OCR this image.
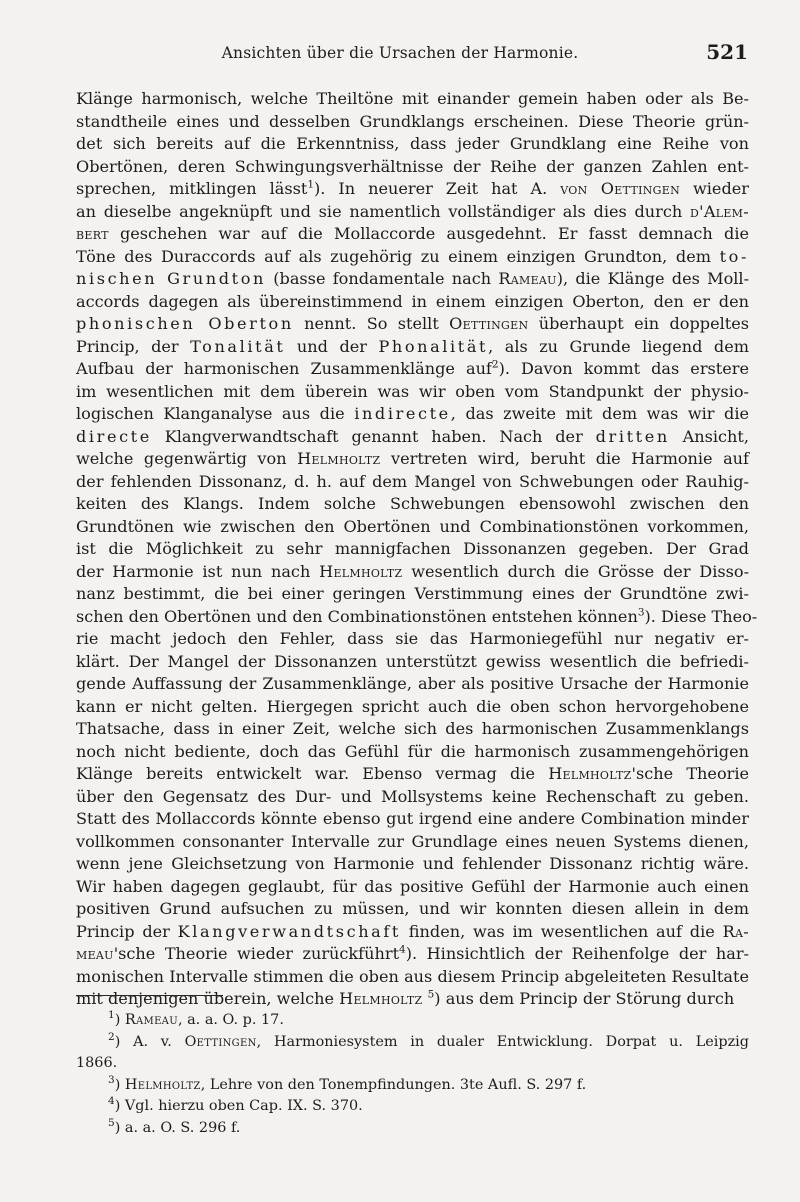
Ansichten über die Ursachen der Harmonie.	521
Klänge harmonisch, welche Theiltöne mit einander gemein haben oder als Be-
standtheile eines und desselben Grundklangs erscheinen. Diese Theorie grün-
det sich bereits auf die Erkenntniss, dass jeder Grundklang eine Reihe von
Obertönen, deren Schwingungsverhältnisse der Reihe der ganzen Zahlen ent-
sprechen, mitklingen lässt$^1$). In neuerer Zeit hat A. von Oettingen wieder
an dieselbe angeknüpft und sie namentlich vollständiger als dies durch d'Alem-
bert geschehen war auf die Mollaccorde ausgedehnt. Er fasst demnach die
Töne des Duraccords auf als zugehörig zu einem einzigen Grundton, dem to-
nischen Grundton (basse fondamentale nach Rameau), die Klänge des Moll-
accords dagegen als übereinstimmend in einem einzigen Oberton, den er den
phonischen Oberton nennt. So stellt Oettingen überhaupt ein doppeltes
Princip, der Tonalität und der Phonalität, als zu Grunde liegend dem
Aufbau der harmonischen Zusammenklänge auf$^2$). Davon kommt das erstere
im wesentlichen mit dem überein was wir oben vom Standpunkt der physio-
logischen Klanganalyse aus die indirecte, das zweite mit dem was wir die
directe Klangverwandtschaft genannt haben. Nach der dritten Ansicht,
welche gegenwärtig von Helmholtz vertreten wird, beruht die Harmonie auf
der fehlenden Dissonanz, d. h. auf dem Mangel von Schwebungen oder Rauhig-
keiten des Klangs. Indem solche Schwebungen ebensowohl zwischen den
Grundtönen wie zwischen den Obertönen und Combinationstönen vorkommen,
ist die Möglichkeit zu sehr mannigfachen Dissonanzen gegeben. Der Grad
der Harmonie ist nun nach Helmholtz wesentlich durch die Grösse der Disso-
nanz bestimmt, die bei einer geringen Verstimmung eines der Grundtöne zwi-
schen den Obertönen und den Combinationstönen entstehen können$^3$). Diese Theo-
rie macht jedoch den Fehler, dass sie das Harmoniegefühl nur negativ er-
klärt. Der Mangel der Dissonanzen unterstützt gewiss wesentlich die befriedi-
gende Auffassung der Zusammenklänge, aber als positive Ursache der Harmonie
kann er nicht gelten. Hiergegen spricht auch die oben schon hervorgehobene
Thatsache, dass in einer Zeit, welche sich des harmonischen Zusammenklangs
noch nicht bediente, doch das Gefühl für die harmonisch zusammengehörigen
Klänge bereits entwickelt war. Ebenso vermag die Helmholtz'sche Theorie
über den Gegensatz des Dur- und Mollsystems keine Rechenschaft zu geben.
Statt des Mollaccords könnte ebenso gut irgend eine andere Combination minder
vollkommen consonanter Intervalle zur Grundlage eines neuen Systems dienen,
wenn jene Gleichsetzung von Harmonie und fehlender Dissonanz richtig wäre.
Wir haben dagegen geglaubt, für das positive Gefühl der Harmonie auch einen
positiven Grund aufsuchen zu müssen, und wir konnten diesen allein in dem
Princip der Klangverwandtschaft finden, was im wesentlichen auf die Ra-
meau'sche Theorie wieder zurückführt$^4$). Hinsichtlich der Reihenfolge der har-
monischen Intervalle stimmen die oben aus diesem Princip abgeleiteten Resultate
mit denjenigen überein, welche Helmholtz $^5$) aus dem Princip der Störung durch
$^1$) Rameau, a. a. O. p. 17.
$^2$) A. v. Oettingen, Harmoniesystem in dualer Entwicklung. Dorpat u. Leipzig
1866.
$^3$) Helmholtz, Lehre von den Tonempfindungen. 3te Aufl. S. 297 f.
$^4$) Vgl. hierzu oben Cap. IX. S. 370.
$^5$) a. a. O. S. 296 f.
